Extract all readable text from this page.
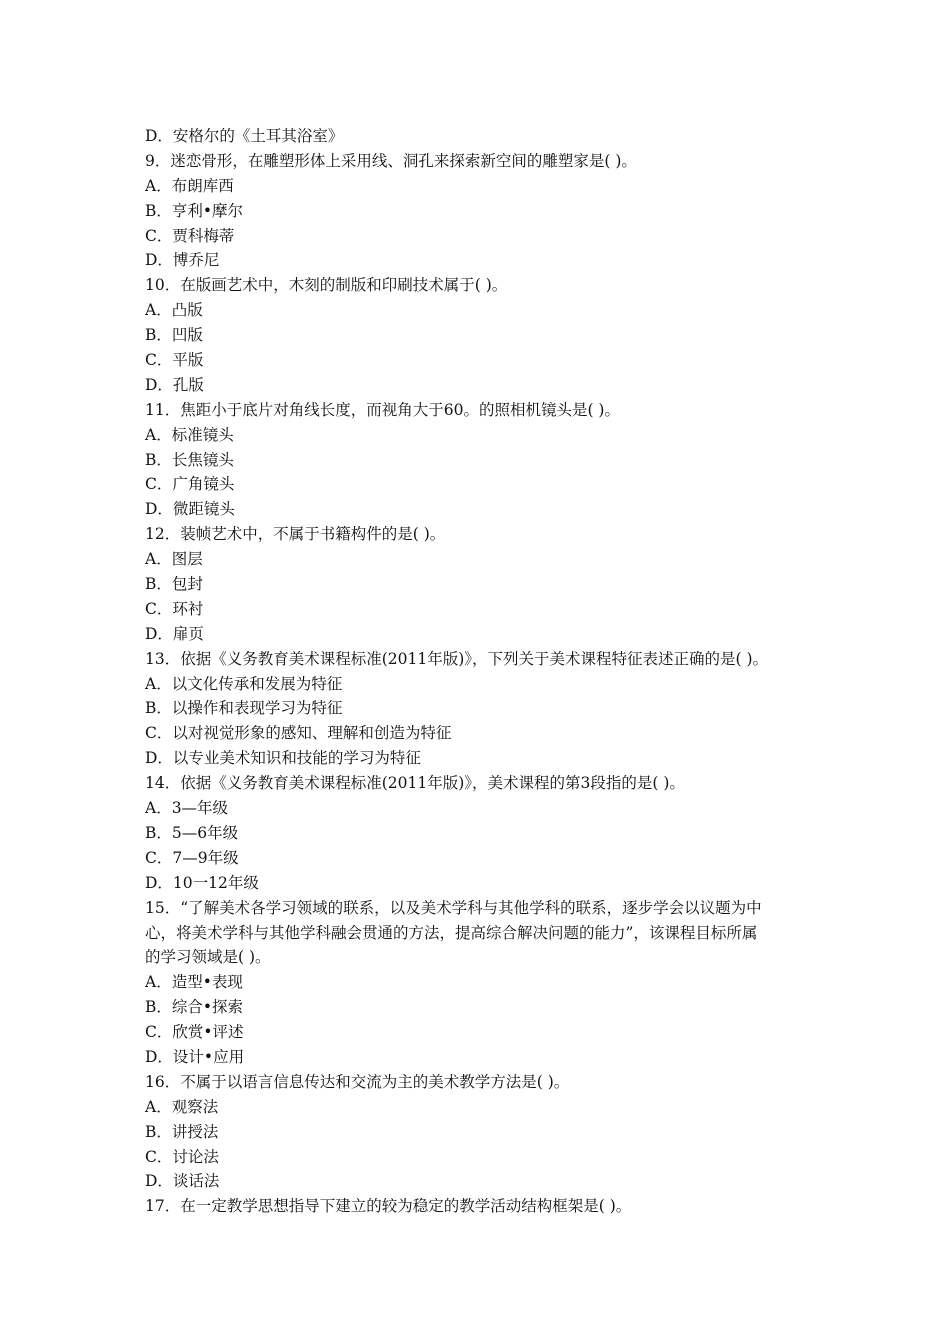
D．安格尔的《土耳其浴室》
9．迷恋骨形，在雕塑形体上采用线、洞孔来探索新空间的雕塑家是( )。
A．布朗库西
B．亨利•摩尔
C．贾科梅蒂
D．博乔尼
10．在版画艺术中，木刻的制版和印刷技术属于( )。
A．凸版
B．凹版
C．平版
D．孔版
11．焦距小于底片对角线长度，而视角大于60。的照相机镜头是( )。
A．标准镜头
B．长焦镜头
C．广角镜头
D．微距镜头
12．装帧艺术中，不属于书籍构件的是( )。
A．图层
B．包封
C．环衬
D．扉页
13．依据《义务教育美术课程标准(2011年版)》，下列关于美术课程特征表述正确的是( )。
A．以文化传承和发展为特征
B．以操作和表现学习为特征
C．以对视觉形象的感知、理解和创造为特征
D．以专业美术知识和技能的学习为特征
14．依据《义务教育美术课程标准(2011年版)》，美术课程的第3段指的是( )。
A．3—年级
B．5—6年级
C．7—9年级
D．10一12年级
15．“了解美术各学习领域的联系，以及美术学科与其他学科的联系，逐步学会以议题为中
心，将美术学科与其他学科融会贯通的方法，提高综合解决问题的能力”，该课程目标所属
的学习领域是( )。
A．造型•表现
B．综合•探索
C．欣赏•评述
D．设计•应用
16．不属于以语言信息传达和交流为主的美术教学方法是( )。
A．观察法
B．讲授法
C．讨论法
D．谈话法
17．在一定教学思想指导下建立的较为稳定的教学活动结构框架是( )。
